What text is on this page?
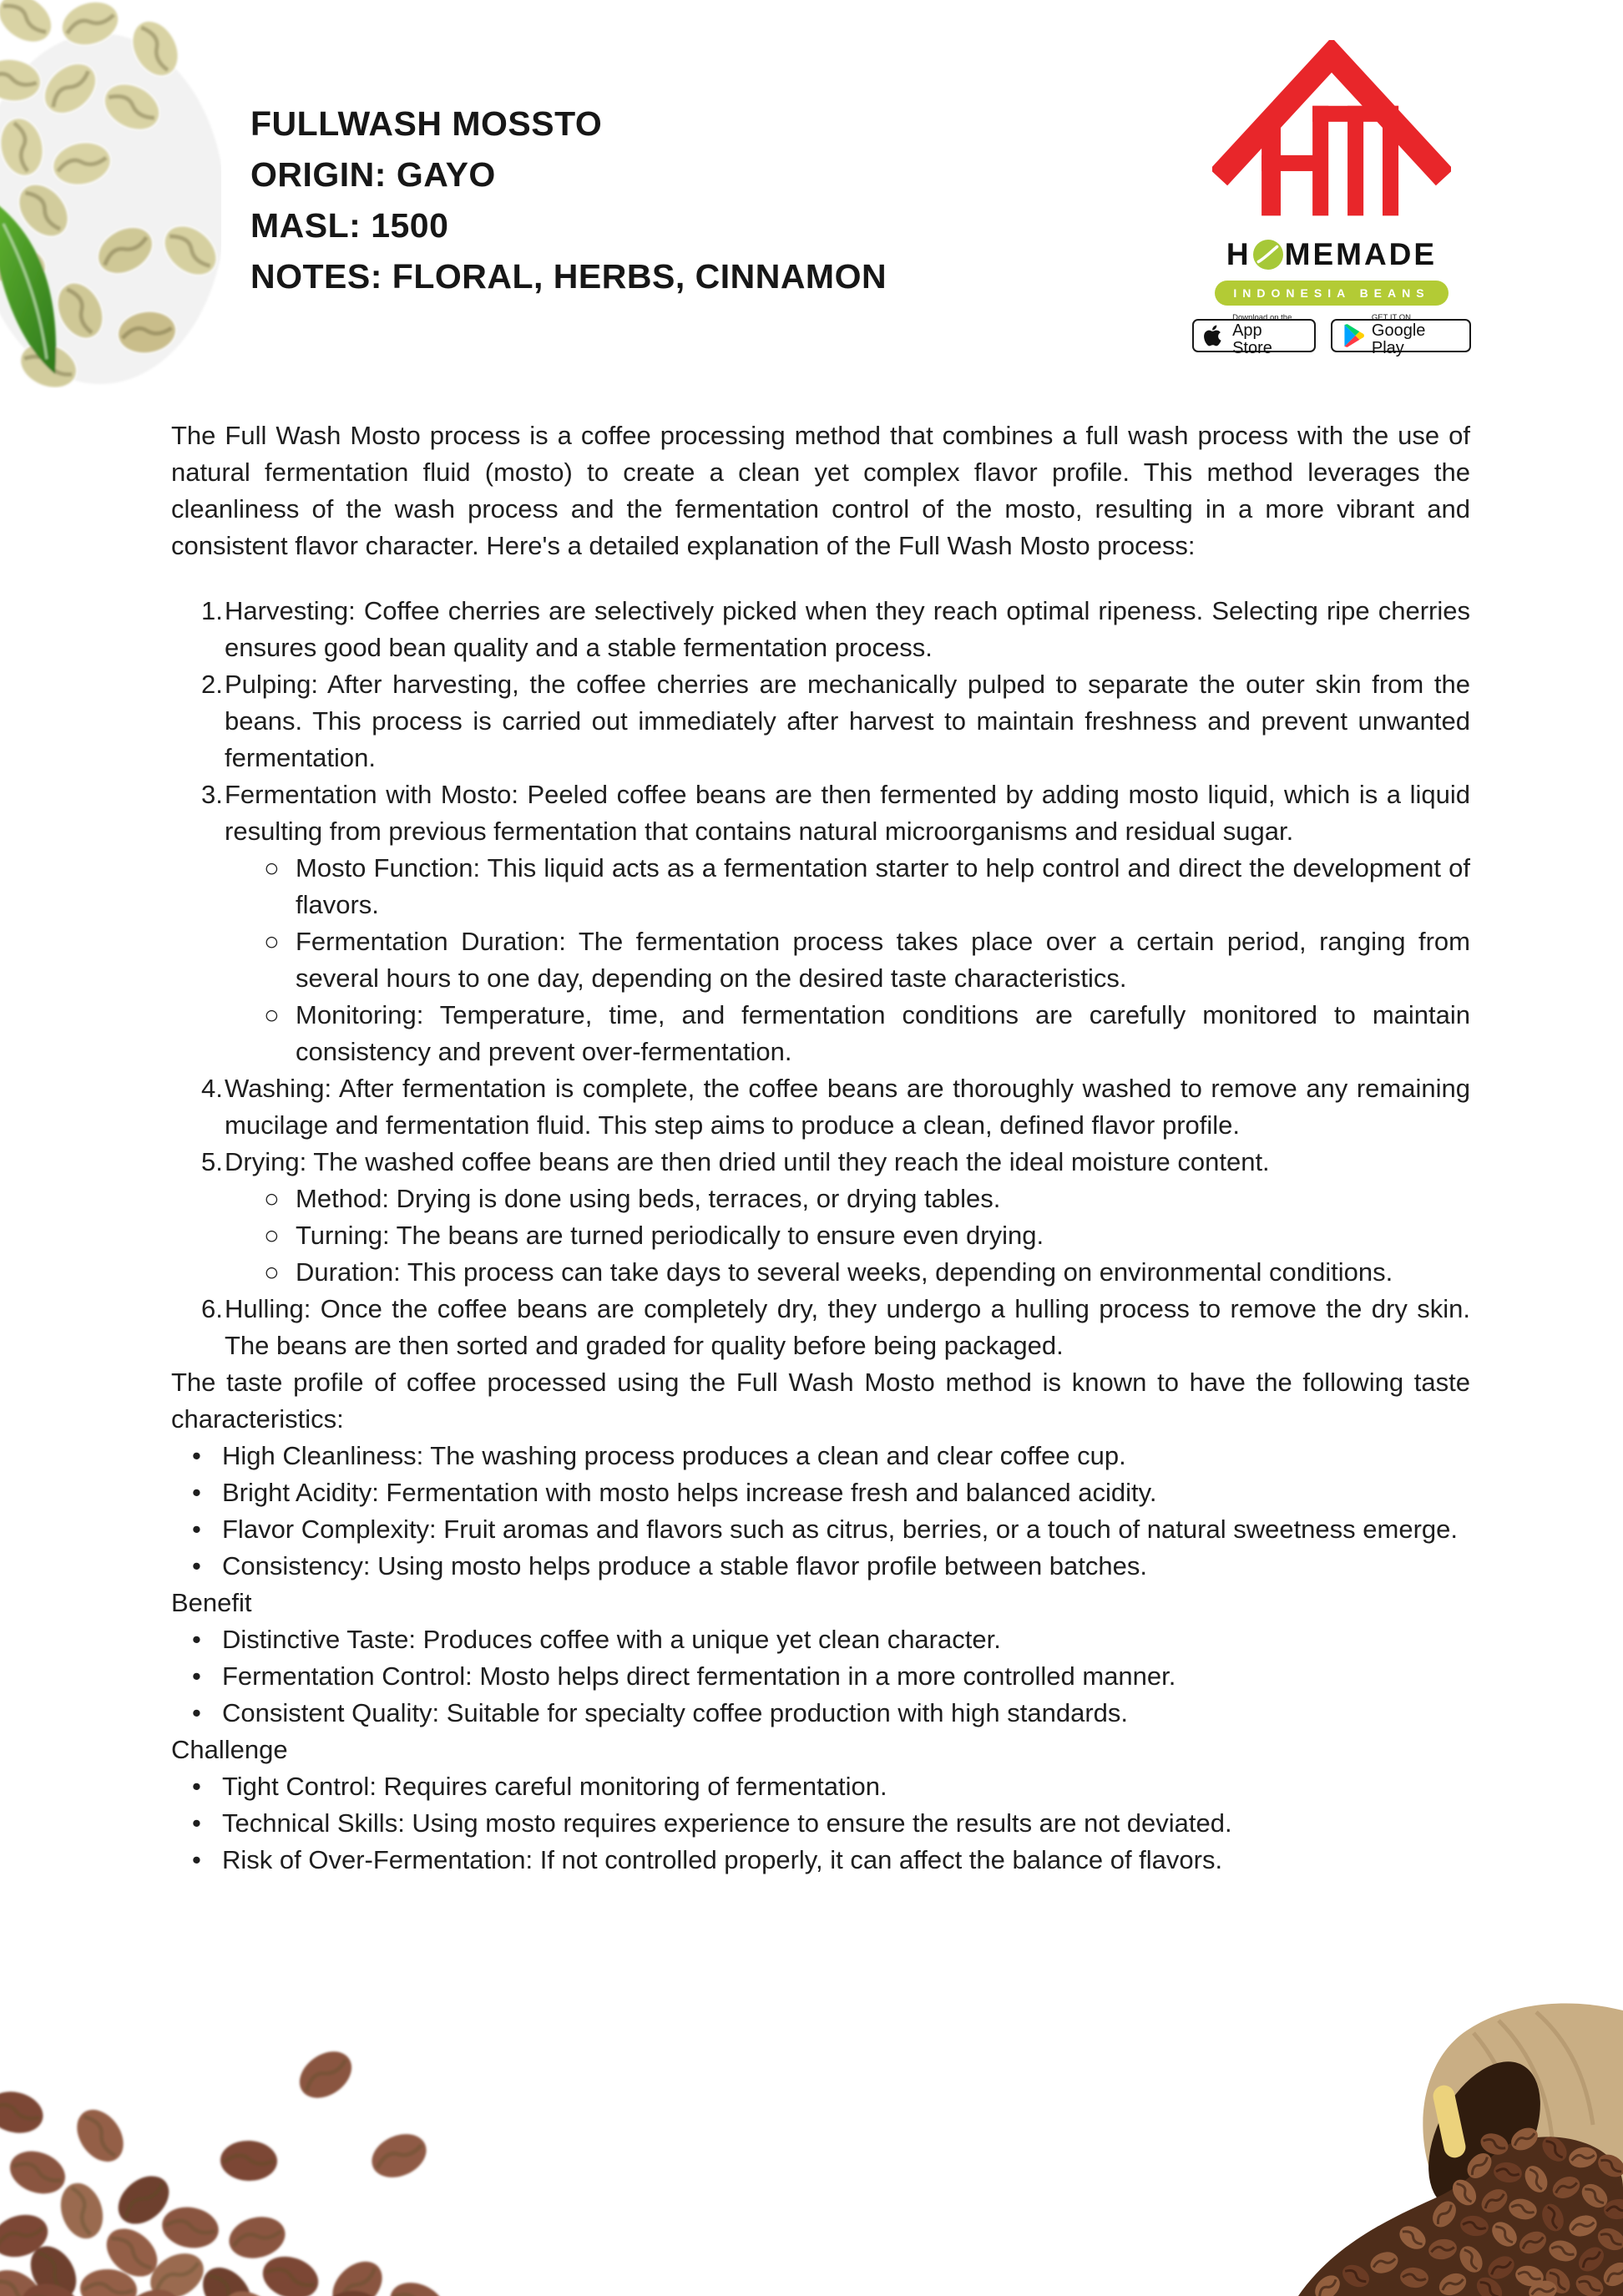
FULLWASH MOSSTO
ORIGIN: GAYO
MASL: 1500
NOTES: FLORAL, HERBS, CINNAMON
H MEMADE
INDONESIA BEANS
Download on the
App Store
GET IT ON
Google Play

The Full Wash Mosto process is a coffee processing method that combines a full wash process with the use of natural fermentation fluid (mosto) to create a clean yet complex flavor profile. This method leverages the cleanliness of the wash process and the fermentation control of the mosto, resulting in a more vibrant and consistent flavor character. Here's a detailed explanation of the Full Wash Mosto process:

1.Harvesting: Coffee cherries are selectively picked when they reach optimal ripeness. Selecting ripe cherries ensures good bean quality and a stable fermentation process.
2.Pulping: After harvesting, the coffee cherries are mechanically pulped to separate the outer skin from the beans. This process is carried out immediately after harvest to maintain freshness and prevent unwanted fermentation.
3.Fermentation with Mosto: Peeled coffee beans are then fermented by adding mosto liquid, which is a liquid resulting from previous fermentation that contains natural microorganisms and residual sugar.
○ Mosto Function: This liquid acts as a fermentation starter to help control and direct the development of flavors.
○ Fermentation Duration: The fermentation process takes place over a certain period, ranging from several hours to one day, depending on the desired taste characteristics.
○ Monitoring: Temperature, time, and fermentation conditions are carefully monitored to maintain consistency and prevent over-fermentation.
4.Washing: After fermentation is complete, the coffee beans are thoroughly washed to remove any remaining mucilage and fermentation fluid. This step aims to produce a clean, defined flavor profile.
5.Drying: The washed coffee beans are then dried until they reach the ideal moisture content.
○ Method: Drying is done using beds, terraces, or drying tables.
○ Turning: The beans are turned periodically to ensure even drying.
○ Duration: This process can take days to several weeks, depending on environmental conditions.
6.Hulling: Once the coffee beans are completely dry, they undergo a hulling process to remove the dry skin. The beans are then sorted and graded for quality before being packaged.

The taste profile of coffee processed using the Full Wash Mosto method is known to have the following taste characteristics:

• High Cleanliness: The washing process produces a clean and clear coffee cup.
• Bright Acidity: Fermentation with mosto helps increase fresh and balanced acidity.
• Flavor Complexity: Fruit aromas and flavors such as citrus, berries, or a touch of natural sweetness emerge.
• Consistency: Using mosto helps produce a stable flavor profile between batches.

Benefit

• Distinctive Taste: Produces coffee with a unique yet clean character.
• Fermentation Control: Mosto helps direct fermentation in a more controlled manner.
• Consistent Quality: Suitable for specialty coffee production with high standards.

Challenge

• Tight Control: Requires careful monitoring of fermentation.
• Technical Skills: Using mosto requires experience to ensure the results are not deviated.
• Risk of Over-Fermentation: If not controlled properly, it can affect the balance of flavors.
